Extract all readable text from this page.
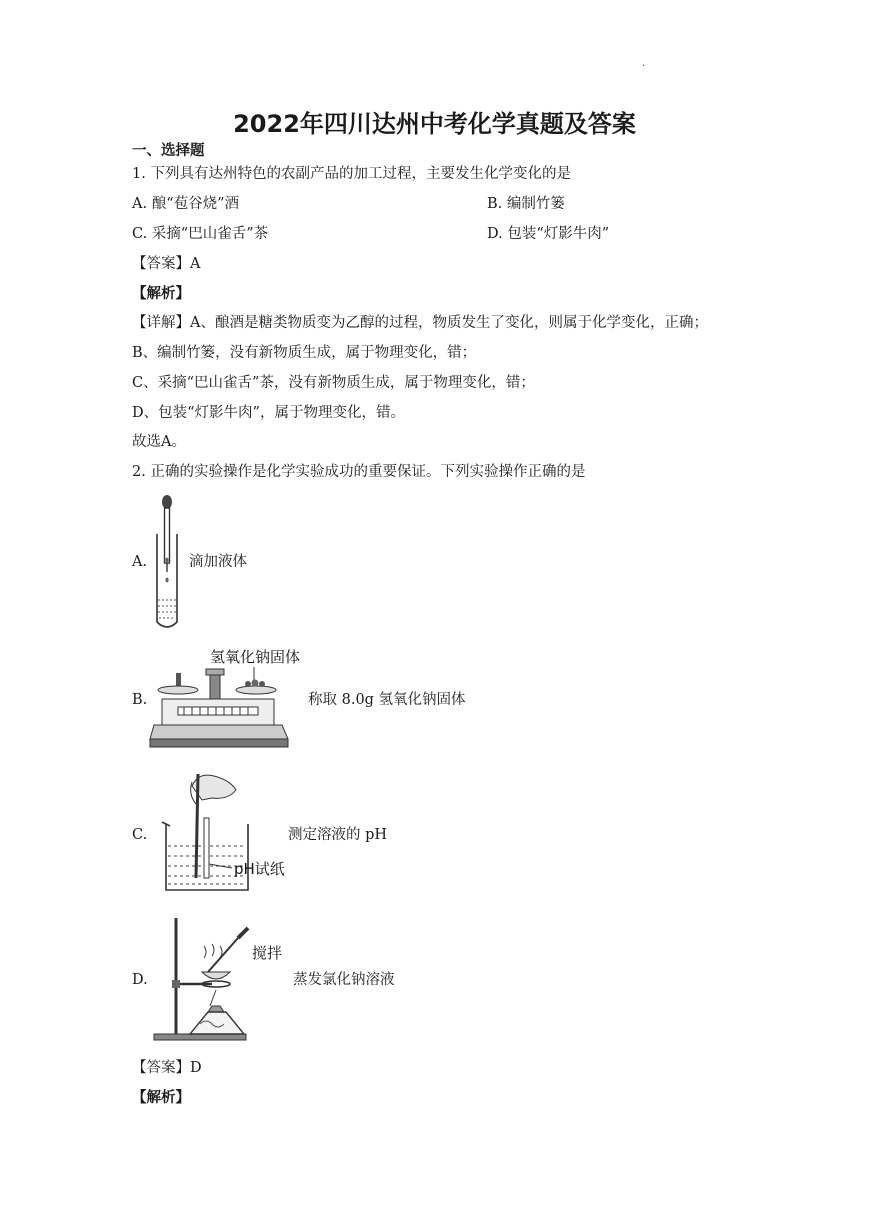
.
2022年四川达州中考化学真题及答案
一、选择题
1. 下列具有达州特色的农副产品的加工过程，主要发生化学变化的是
A. 酿“苞谷烧”酒	B. 编制竹篓
C. 采摘“巴山雀舌”茶	D. 包装“灯影牛肉”
【答案】A
【解析】
【详解】A、酿酒是糖类物质变为乙醇的过程，物质发生了变化，则属于化学变化，正确；
B、编制竹篓，没有新物质生成，属于物理变化，错；
C、采摘“巴山雀舌”茶，没有新物质生成，属于物理变化，错；
D、包装“灯影牛肉”，属于物理变化，错。
故选A。
2. 正确的实验操作是化学实验成功的重要保证。下列实验操作正确的是
A.	滴加液体
B.
氢氧化钠固体
称取 8.0g 氢氧化钠固体
C.
pH试纸
测定溶液的 pH
D.
搅拌
蒸发氯化钠溶液
【答案】D
【解析】
